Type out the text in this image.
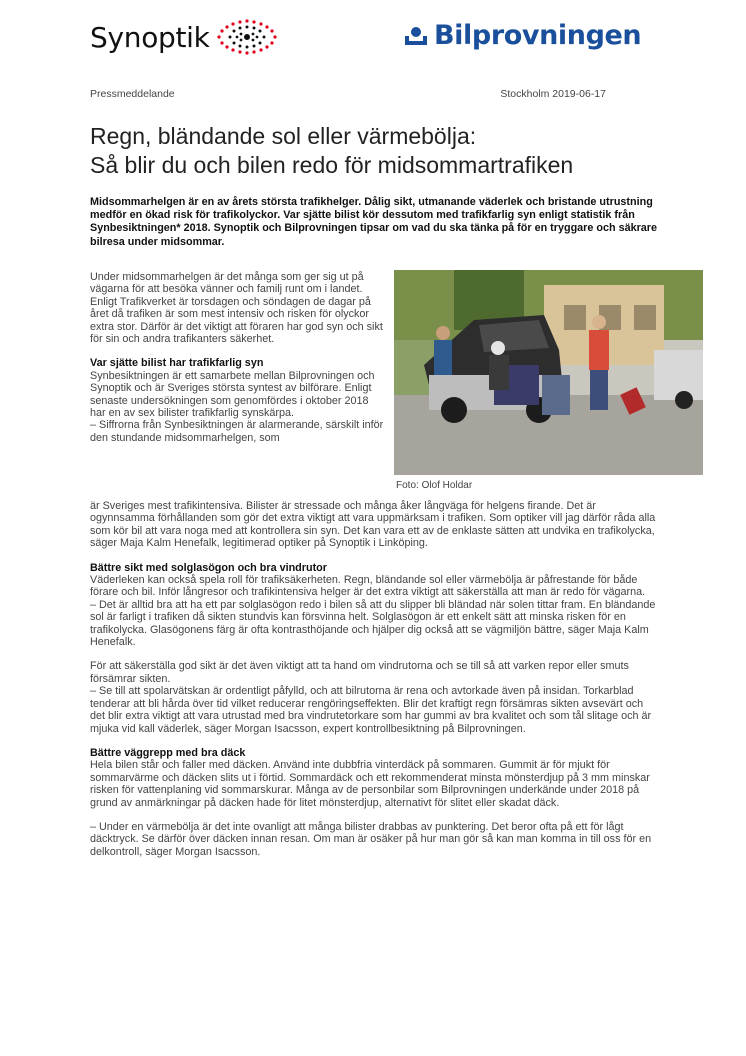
Synoptik	Bilprovningen
Pressmeddelande	Stockholm 2019-06-17
Regn, bländande sol eller värmebölja:
Så blir du och bilen redo för midsommartrafiken

Midsommarhelgen är en av årets största trafikhelger. Dålig sikt, utmanande väderlek och bristande utrustning medför en ökad risk för trafikolyckor. Var sjätte bilist kör dessutom med trafikfarlig syn enligt statistik från Synbesiktningen* 2018. Synoptik och Bilprovningen tipsar om vad du ska tänka på för en tryggare och säkrare bilresa under midsommar.

Under midsommarhelgen är det många som ger sig ut på vägarna för att besöka vänner och familj runt om i landet. Enligt Trafikverket är torsdagen och söndagen de dagar på året då trafiken är som mest intensiv och risken för olyckor extra stor. Därför är det viktigt att föraren har god syn och sikt för sin och andra trafikanters säkerhet.

Var sjätte bilist har trafikfarlig syn

Synbesiktningen är ett samarbete mellan Bilprovningen och Synoptik och är Sveriges största syntest av bilförare. Enligt senaste undersökningen som genomfördes i oktober 2018 har en av sex bilister trafikfarlig synskärpa.

– Siffrorna från Synbesiktningen är alarmerande, särskilt inför den stundande midsommarhelgen, som

Foto: Olof Holdar

är Sveriges mest trafikintensiva. Bilister är stressade och många åker långväga för helgens firande. Det är ogynnsamma förhållanden som gör det extra viktigt att vara uppmärksam i trafiken. Som optiker vill jag därför råda alla som kör bil att vara noga med att kontrollera sin syn. Det kan vara ett av de enklaste sätten att undvika en trafikolycka, säger Maja Kalm Henefalk, legitimerad optiker på Synoptik i Linköping.

Bättre sikt med solglasögon och bra vindrutor

Väderleken kan också spela roll för trafiksäkerheten. Regn, bländande sol eller värmebölja är påfrestande för både förare och bil. Inför långresor och trafikintensiva helger är det extra viktigt att säkerställa att man är redo för vägarna.

– Det är alltid bra att ha ett par solglasögon redo i bilen så att du slipper bli bländad när solen tittar fram. En bländande sol är farligt i trafiken då sikten stundvis kan försvinna helt. Solglasögon är ett enkelt sätt att minska risken för en trafikolycka. Glasögonens färg är ofta kontrasthöjande och hjälper dig också att se vägmiljön bättre, säger Maja Kalm Henefalk.

För att säkerställa god sikt är det även viktigt att ta hand om vindrutorna och se till så att varken repor eller smuts försämrar sikten.

– Se till att spolarvätskan är ordentligt påfylld, och att bilrutorna är rena och avtorkade även på insidan. Torkarblad tenderar att bli hårda över tid vilket reducerar rengöringseffekten. Blir det kraftigt regn försämras sikten avsevärt och det blir extra viktigt att vara utrustad med bra vindrutetorkare som har gummi av bra kvalitet och som tål slitage och är mjuka vid kall väderlek, säger Morgan Isacsson, expert kontrollbesiktning på Bilprovningen.

Bättre väggrepp med bra däck

Hela bilen står och faller med däcken. Använd inte dubbfria vinterdäck på sommaren. Gummit är för mjukt för sommarvärme och däcken slits ut i förtid. Sommardäck och ett rekommenderat minsta mönsterdjup på 3 mm minskar risken för vattenplaning vid sommarskurar. Många av de personbilar som Bilprovningen underkände under 2018 på grund av anmärkningar på däcken hade för litet mönsterdjup, alternativt för slitet eller skadat däck.

– Under en värmebölja är det inte ovanligt att många bilister drabbas av punktering. Det beror ofta på ett för lågt däcktryck. Se därför över däcken innan resan. Om man är osäker på hur man gör så kan man komma in till oss för en delkontroll, säger Morgan Isacsson.
